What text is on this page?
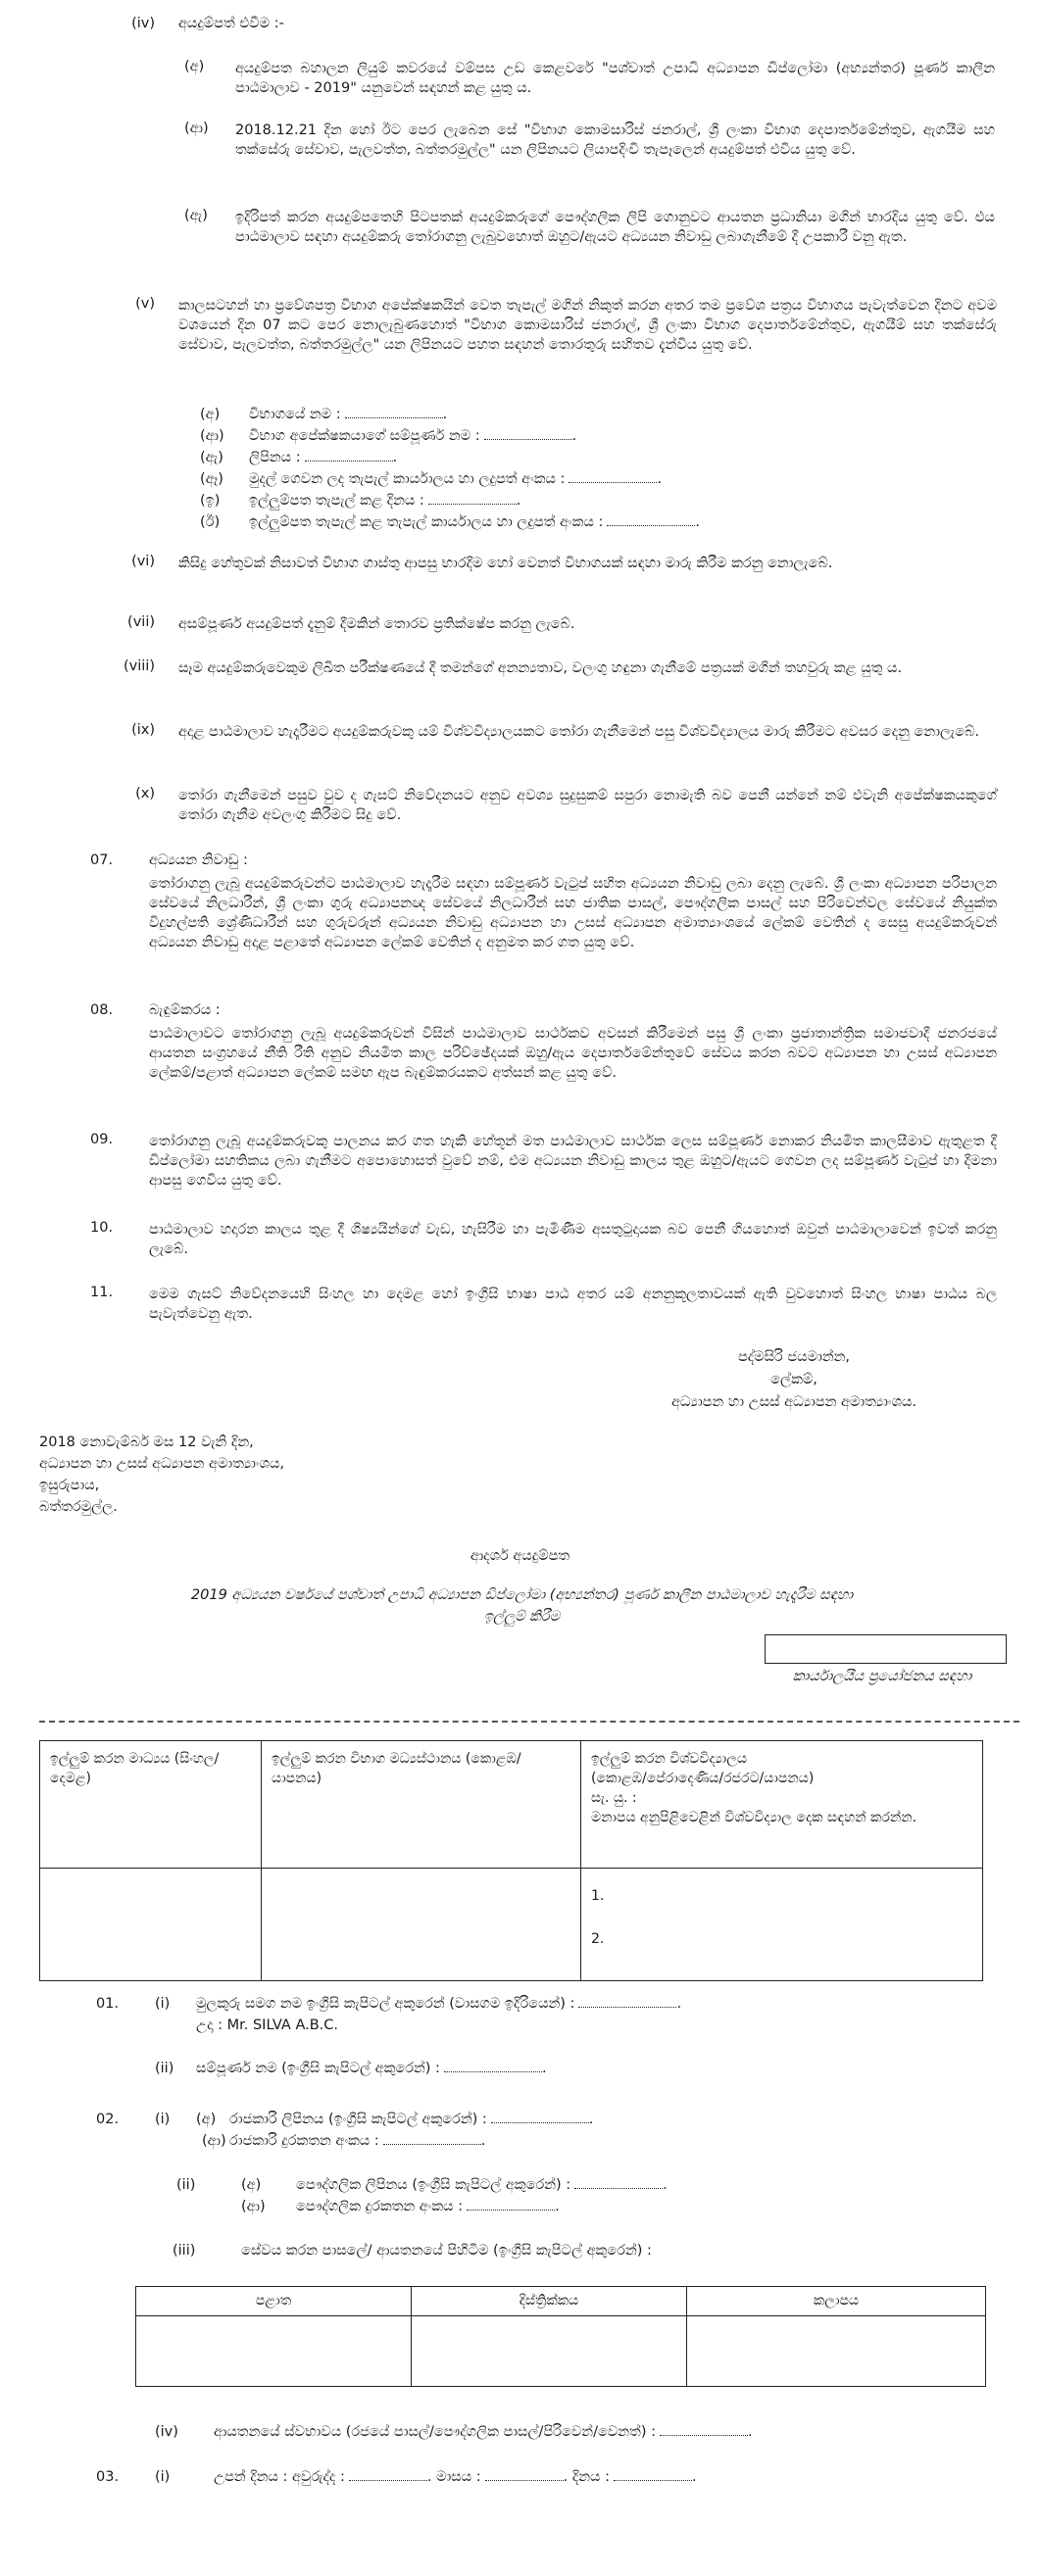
(iv) අයදුම්පත් එවීම :-
(අ)	අයදුම්පත බහාලන ලියුම් කවරයේ වම්පස උඩ කෙළවරේ "පශ්චාත් උපාධි අධ්‍යාපන ඩිප්ලෝමා (අභ්‍යන්තර) පූර්ණ කාලීන පාඨමාලාව - 2019" යනුවෙන් සඳහන් කළ යුතු ය.
(ආ)	2018.12.21 දින හෝ ඊට පෙර ලැබෙන සේ "විභාග කොමසාරිස් ජනරාල්, ශ්‍රී ලංකා විභාග දෙපාර්තමේන්තුව, ඇගයීම සහ තක්සේරු සේවාව, පැලවත්ත, බත්තරමුල්ල" යන ලිපිනයට ලියාපදිංචි තැපෑලෙන් අයදුම්පත් එවිය යුතු වේ.
(ඇ)	ඉදිරිපත් කරන අයදුම්පතෙහි පිටපතක් අයදුම්කරුගේ පෞද්ගලික ලිපි ගොනුවට ආයතන ප්‍රධානියා මගින් භාරදිය යුතු වේ. එය පාඨමාලාව සඳහා අයදුම්කරු තෝරාගනු ලැබුවහොත් ඔහුට/ඇයට අධ්‍යයන නිවාඩු ලබාගැනීමේ දී උපකාරී වනු ඇත.
(v) කාලසටහන් හා ප්‍රවේශපත්‍ර විභාග අපේක්ෂකයින් වෙත තැපැල් මගින් නිකුත් කරන අතර තම ප්‍රවේශ පත්‍රය විභාගය පැවැත්වෙන දිනට අවම වශයෙන් දින 07 කට පෙර නොලැබුණහොත් "විභාග කොමසාරිස් ජනරාල්, ශ්‍රී ලංකා විභාග දෙපාර්තමේන්තුව, ඇගයීම් සහ තක්සේරු සේවාව, පැලවත්ත, බත්තරමුල්ල" යන ලිපිනයට පහත සඳහන් තොරතුරු සහිතව දැන්විය යුතු වේ.
(අ)	විභාගයේ නම :	.
(ආ)	විභාග අපේක්ෂකයාගේ සම්පූර්ණ නම :	.
(ඇ)	ලිපිනය :	.
(ඈ)	මුදල් ගෙවන ලද තැපැල් කාර්යාලය හා ලදුපත් අංකය :	.
(ඉ)	ඉල්ලුම්පත තැපැල් කළ දිනය :	.
(ඊ)	ඉල්ලුම්පත තැපැල් කළ තැපැල් කාර්යාලය හා ලදුපත් අංකය :	.
(vi) කිසිදු හේතුවක් නිසාවත් විභාග ගාස්තු ආපසු භාරදීම හෝ වෙනත් විභාගයක් සඳහා මාරු කිරීම කරනු නොලැබේ.
(vii) අසම්පූර්ණ අයදුම්පත් දැනුම් දීමකින් තොරව ප්‍රතික්ෂේප කරනු ලැබේ.
(viii) සෑම අයදුම්කරුවෙකුම ලිඛිත පරීක්ෂණයේ දී තමන්ගේ අනන්‍යතාව, වලංගු හඳුනා ගැනීමේ පත්‍රයක් මගින් තහවුරු කළ යුතු ය.
(ix) අදාළ පාඨමාලාව හැදෑරීමට අයදුම්කරුවකු යම් විශ්වවිද්‍යාලයකට තෝරා ගැනීමෙන් පසු විශ්වවිද්‍යාලය මාරු කිරීමට අවසර දෙනු නොලැබේ.
(x) තෝරා ගැනීමෙන් පසුව වුව ද ගැසට් නිවේදනයට අනුව අවශ්‍ය සුදුසුකම් සපුරා නොමැති බව පෙනී යන්නේ නම් එවැනි අපේක්ෂකයකුගේ තෝරා ගැනීම අවලංගු කිරීමට සිදු වේ.
07.	අධ්‍යයන නිවාඩු :
තෝරාගනු ලැබූ අයදුම්කරුවන්ට පාඨමාලාව හැදෑරීම සඳහා සම්පූර්ණ වැටුප් සහිත අධ්‍යයන නිවාඩු ලබා දෙනු ලැබේ. ශ්‍රී ලංකා අධ්‍යාපන පරිපාලන සේවයේ නිලධාරීන්, ශ්‍රී ලංකා ගුරු අධ්‍යාපනඥ සේවයේ නිලධාරීන් සහ ජාතික පාසල්, පෞද්ගලික පාසල් සහ පිරිවෙන්වල සේවයේ නියුක්ත විදුහල්පති ශ්‍රේණිධාරීන් සහ ගුරුවරුන් අධ්‍යයන නිවාඩු අධ්‍යාපන හා උසස් අධ්‍යාපන අමාත්‍යාංශයේ ලේකම් වෙතින් ද සෙසු අයදුම්කරුවන් අධ්‍යයන නිවාඩු අදාළ පළාතේ අධ්‍යාපන ලේකම් වෙතින් ද අනුමත කර ගත යුතු වේ.
08.	බැඳුම්කරය :
පාඨමාලාවට තෝරාගනු ලැබූ අයදුම්කරුවන් විසින් පාඨමාලාව සාර්ථකව අවසන් කිරීමෙන් පසු ශ්‍රී ලංකා ප්‍රජාතාන්ත්‍රික සමාජවාදී ජනරජයේ ආයතන සංග්‍රහයේ නීති රීති අනුව නියමිත කාල පරිච්ඡේදයක් ඔහු/ඇය දෙපාර්තමේන්තුවේ සේවය කරන බවට අධ්‍යාපන හා උසස් අධ්‍යාපන ලේකම්/පළාත් අධ්‍යාපන ලේකම් සමඟ ඇප බැඳුම්කරයකට අත්සන් කළ යුතු වේ.
09.	තෝරාගනු ලැබූ අයදුම්කරුවකු පාලනය කර ගත හැකි හේතූන් මත පාඨමාලාව සාර්ථක ලෙස සම්පූර්ණ නොකර නියමිත කාලසීමාව ඇතුළත දී ඩිප්ලෝමා සහතිකය ලබා ගැනීමට අපොහොසත් වුවේ නම්, එම අධ්‍යයන නිවාඩු කාලය තුළ ඔහුට/ඇයට ගෙවන ලද සම්පූර්ණ වැටුප් හා දීමනා ආපසු ගෙවිය යුතු වේ.
10.	පාඨමාලාව හදාරන කාලය තුළ දී ශිෂ්‍යයින්ගේ වැඩ, හැසිරීම හා පැමිණීම අසතුටුදායක බව පෙනී ගියහොත් ඔවුන් පාඨමාලාවෙන් ඉවත් කරනු ලැබේ.
11.	මෙම ගැසට් නිවේදනයෙහි සිංහල හා දෙමළ හෝ ඉංග්‍රීසි භාෂා පාඨ අතර යම් අනනුකූලතාවයක් ඇති වුවහොත් සිංහල භාෂා පාඨය බල පැවැත්වෙනු ඇත.
පද්මසිරි ජයමාන්න,
ලේකම්,
අධ්‍යාපන හා උසස් අධ්‍යාපන අමාත්‍යාංශය.
2018 නොවැම්බර් මස 12 වැනි දින,
අධ්‍යාපන හා උසස් අධ්‍යාපන අමාත්‍යාංශය,
ඉසුරුපාය,
බත්තරමුල්ල.
ආදර්ශ අයදුම්පත
2019 අධ්‍යයන වර්ෂයේ පශ්චාත් උපාධි අධ්‍යාපන ඩිප්ලෝමා (අභ්‍යන්තර) පූර්ණ කාලීන පාඨමාලාව හැදෑරීම සඳහා
ඉල්ලුම් කිරීම
කාර්යාලයීය ප්‍රයෝජනය සඳහා
ඉල්ලුම් කරන මාධ්‍යය (සිංහල/දෙමළ)	ඉල්ලුම් කරන විභාග මධ්‍යස්ථානය (කොළඹ/යාපනය)	ඉල්ලුම් කරන විශ්වවිද්‍යාලය
(කොළඹ/පේරාදෙණිය/රජරට/යාපනය)
සැ. යු. :
මනාපය අනුපිළිවෙළින් විශ්වවිද්‍යාල දෙක සඳහන් කරන්න.

		1.
2.
01.	(i)	මුලකුරු සමග නම ඉංග්‍රීසි කැපිටල් අකුරෙන් (වාසගම ඉදිරියෙන්) :	.
උදා : Mr. SILVA A.B.C.
(ii)	සම්පූර්ණ නම (ඉංග්‍රීසි කැපිටල් අකුරෙන්) :	.
02.	(i)	(අ) රාජකාරි ලිපිනය (ඉංග්‍රීසි කැපිටල් අකුරෙන්) :	.
(ආ) රාජකාරි දුරකතන අංකය :	.
(ii)	(අ)	පෞද්ගලික ලිපිනය (ඉංග්‍රීසි කැපිටල් අකුරෙන්) :	.
(ආ)	පෞද්ගලික දුරකතන අංකය :	.
(iii)	සේවය කරන පාසලේ/ ආයතනයේ පිහිටීම (ඉංග්‍රීසි කැපිටල් අකුරෙන්) :
පළාත	දිස්ත්‍රික්කය	කලාපය

(iv)	ආයතනයේ ස්වභාවය (රජයේ පාසල්/පෞද්ගලික පාසල්/පිරිවෙන්/වෙනත්) :	.
03.	(i)	උපන් දිනය : අවුරුද්ද :	. මාසය :	. දිනය :	.
